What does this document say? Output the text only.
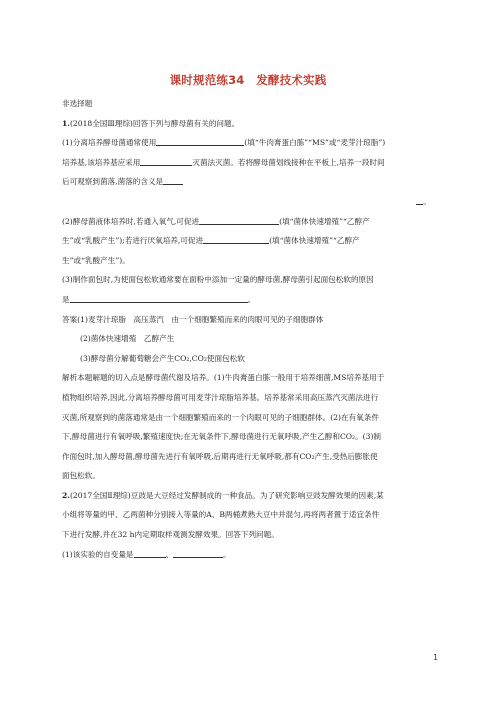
课时规范练34　发酵技术实践
非选择题
1.(2018全国Ⅲ理综)回答下列与酵母菌有关的问题。
(1)分离培养酵母菌通常使用	(填“牛肉膏蛋白胨”“MS”或“麦芽汁琼脂”)
培养基,该培养基应采用	灭菌法灭菌。若将酵母菌划线接种在平板上,培养一段时间
后可观察到菌落,菌落的含义是
。
(2)酵母菌液体培养时,若通入氧气,可促进	(填“菌体快速增殖”“乙醇产
生”或“乳酸产生”);若进行厌氧培养,可促进	(填“菌体快速增殖”“乙醇产
生”或“乳酸产生”)。
(3)制作面包时,为使面包松软通常要在面粉中添加一定量的酵母菌,酵母菌引起面包松软的原因
是	。
答案(1)麦芽汁琼脂　高压蒸汽　由一个细胞繁殖而来的肉眼可见的子细胞群体
(2)菌体快速增殖　乙醇产生
(3)酵母菌分解葡萄糖会产生CO₂,CO₂使面包松软
解析本题解题的切入点是酵母菌代谢及培养。(1)牛肉膏蛋白胨一般用于培养细菌,MS培养基用于
植物组织培养,因此,分离培养酵母菌可用麦芽汁琼脂培养基。培养基常采用高压蒸汽灭菌法进行
灭菌,所观察到的菌落通常是由一个细胞繁殖而来的一个肉眼可见的子细胞群体。(2)在有氧条件
下,酵母菌进行有氧呼吸,繁殖速度快;在无氧条件下,酵母菌进行无氧呼吸,产生乙醇和CO₂。(3)制
作面包时,加入酵母菌,酵母菌先进行有氧呼吸,后期再进行无氧呼吸,都有CO₂产生,受热后膨胀使
面包松软。
2.(2017全国Ⅱ理综)豆豉是大豆经过发酵制成的一种食品。为了研究影响豆豉发酵效果的因素,某
小组将等量的甲、乙两菌种分别接入等量的A、B两桶煮熟大豆中并混匀,再将两者置于适宜条件
下进行发酵,并在32 h内定期取样观测发酵效果。回答下列问题。
(1)该实验的自变量是	、	。
1
